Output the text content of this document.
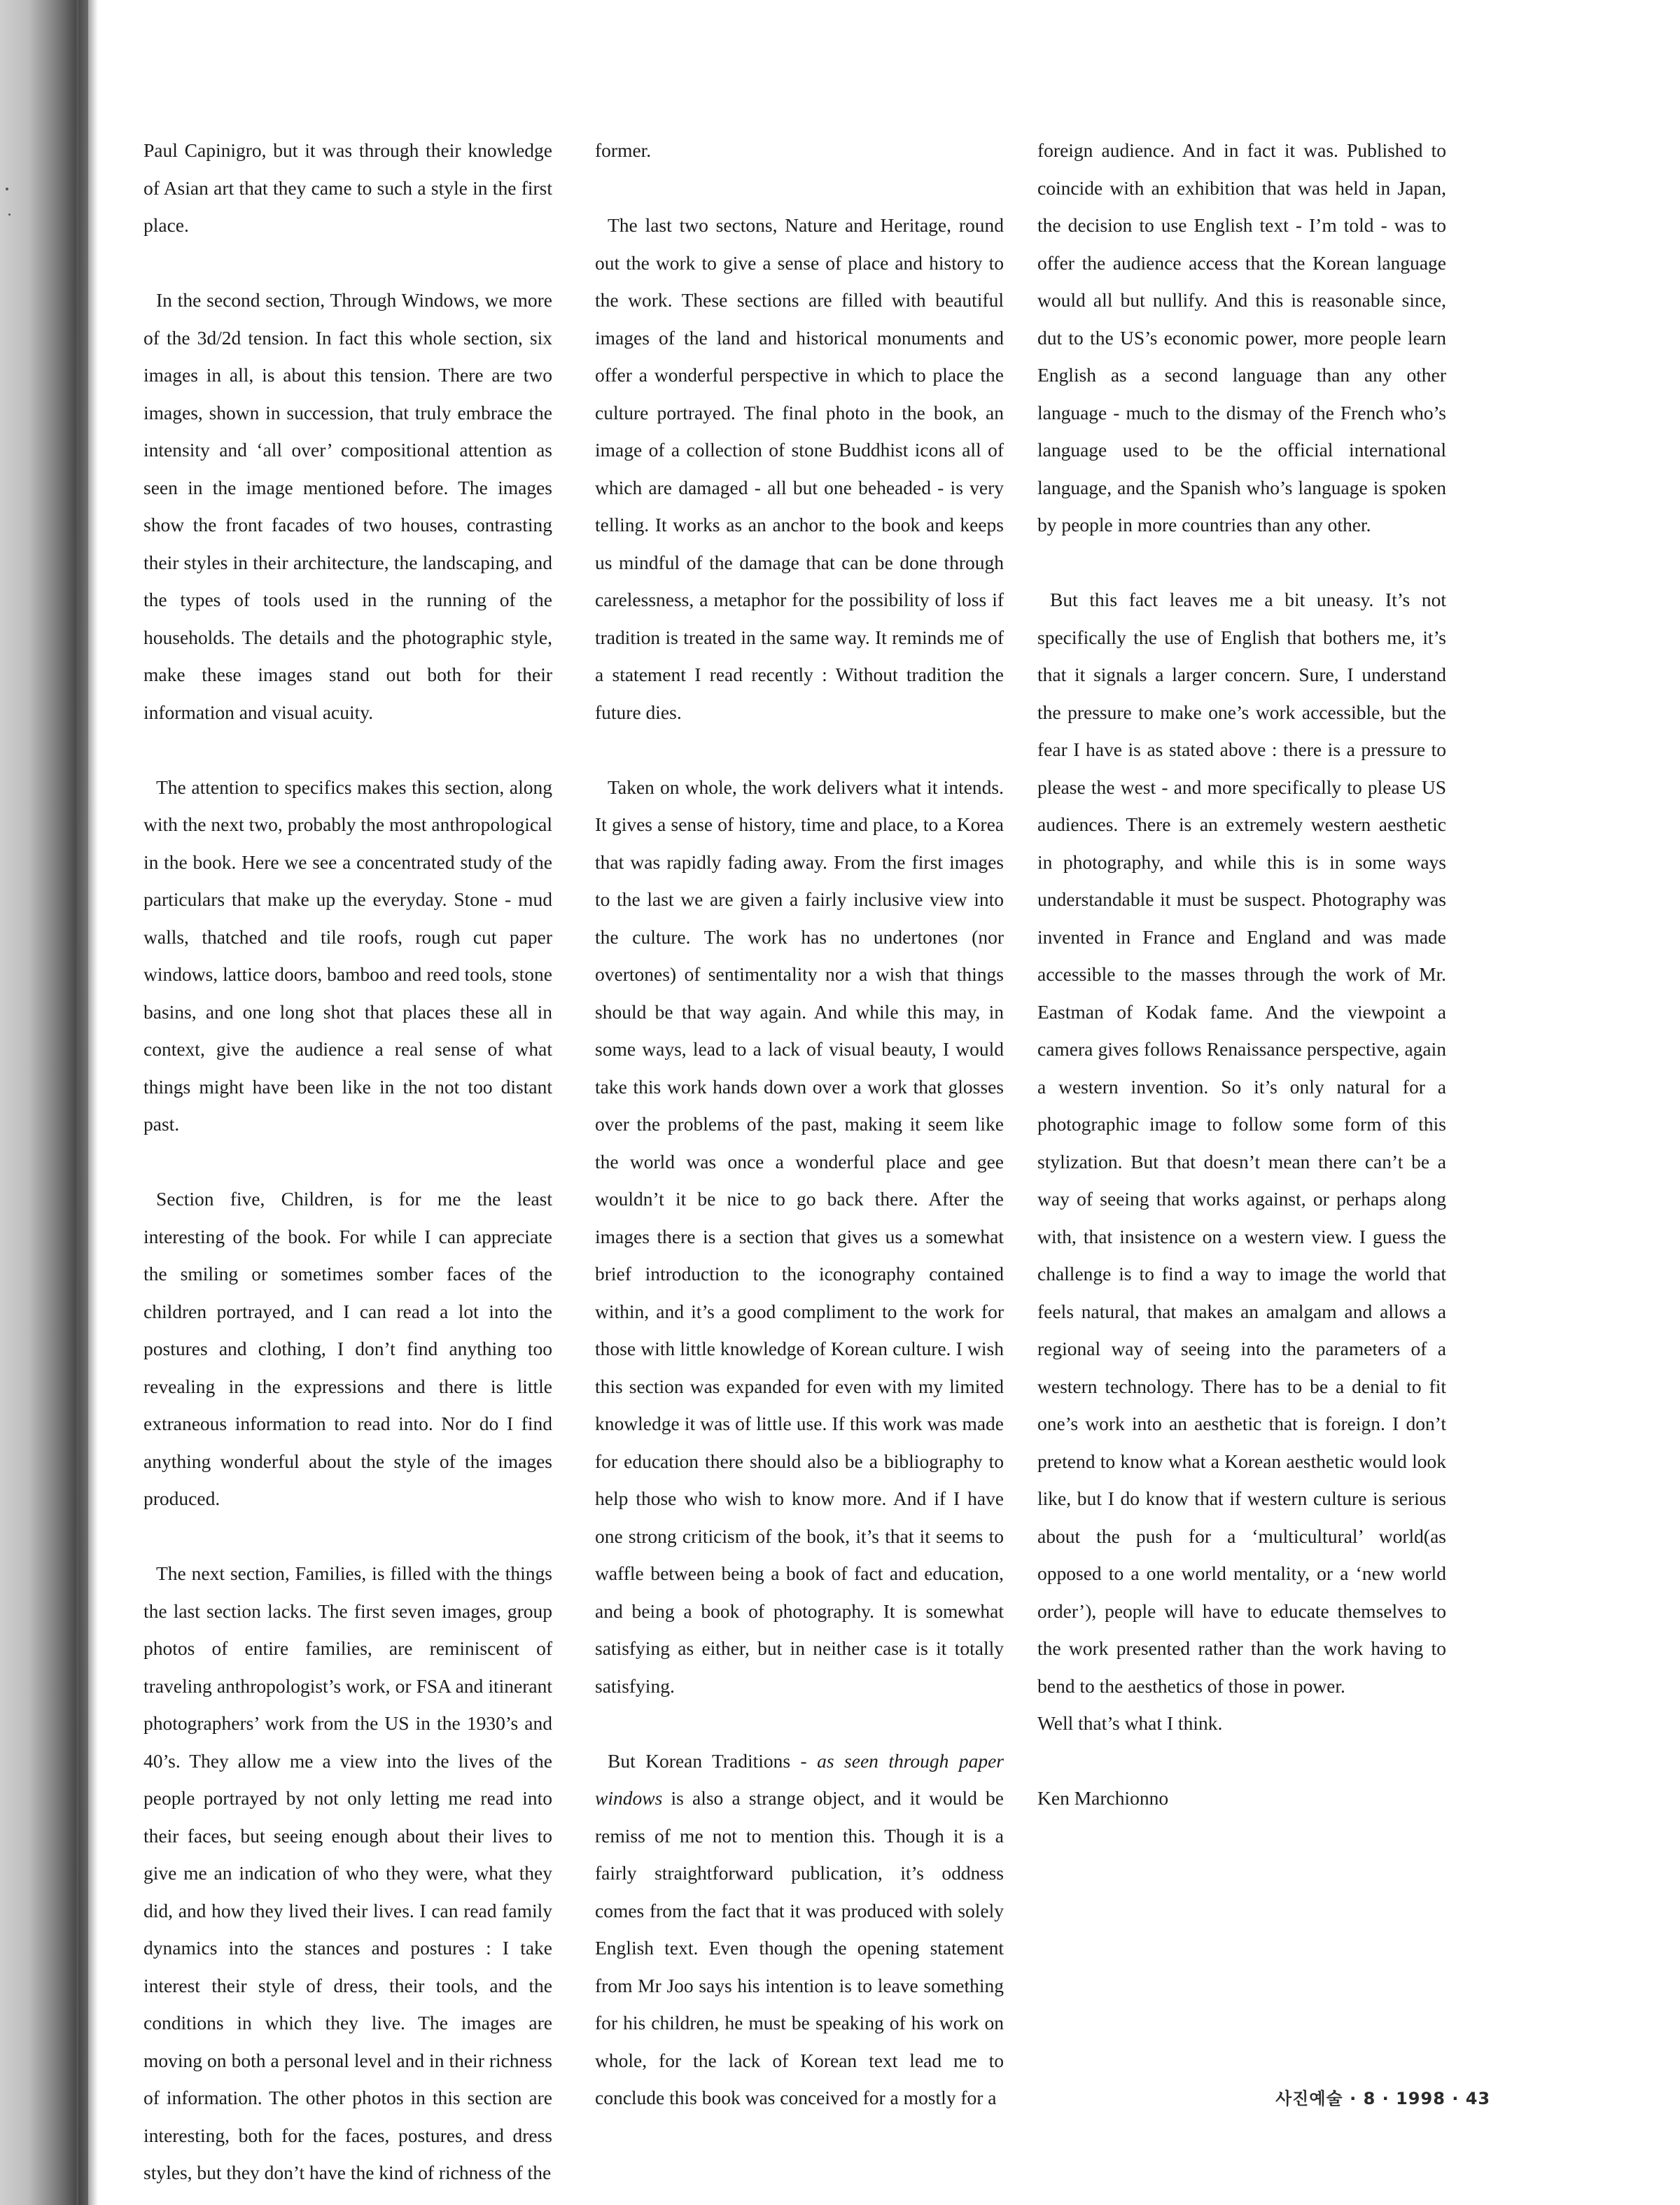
Paul Capinigro, but it was through their knowledge of Asian art that they came to such a style in the first place.

In the second section, Through Windows, we more of the 3d/2d tension. In fact this whole section, six images in all, is about this tension. There are two images, shown in succession, that truly embrace the intensity and ‘all over’ compositional attention as seen in the image mentioned before. The images show the front facades of two houses, contrasting their styles in their architecture, the landscaping, and the types of tools used in the running of the households. The details and the photographic style, make these images stand out both for their information and visual acuity.

The attention to specifics makes this section, along with the next two, probably the most anthropological in the book. Here we see a concentrated study of the particulars that make up the everyday. Stone - mud walls, thatched and tile roofs, rough cut paper windows, lattice doors, bamboo and reed tools, stone basins, and one long shot that places these all in context, give the audience a real sense of what things might have been like in the not too distant past.

Section five, Children, is for me the least interesting of the book. For while I can appreciate the smiling or sometimes somber faces of the children portrayed, and I can read a lot into the postures and clothing, I don’t find anything too revealing in the expressions and there is little extraneous information to read into. Nor do I find anything wonderful about the style of the images produced.

The next section, Families, is filled with the things the last section lacks. The first seven images, group photos of entire families, are reminiscent of traveling anthropologist’s work, or FSA and itinerant photographers’ work from the US in the 1930’s and 40’s. They allow me a view into the lives of the people portrayed by not only letting me read into their faces, but seeing enough about their lives to give me an indication of who they were, what they did, and how they lived their lives. I can read family dynamics into the stances and postures : I take interest their style of dress, their tools, and the conditions in which they live. The images are moving on both a personal level and in their richness of information. The other photos in this section are interesting, both for the faces, postures, and dress styles, but they don’t have the kind of richness of the

former.

The last two sectons, Nature and Heritage, round out the work to give a sense of place and history to the work. These sections are filled with beautiful images of the land and historical monuments and offer a wonderful perspective in which to place the culture portrayed. The final photo in the book, an image of a collection of stone Buddhist icons all of which are damaged - all but one beheaded - is very telling. It works as an anchor to the book and keeps us mindful of the damage that can be done through carelessness, a metaphor for the possibility of loss if tradition is treated in the same way. It reminds me of a statement I read recently : Without tradition the future dies.

Taken on whole, the work delivers what it intends. It gives a sense of history, time and place, to a Korea that was rapidly fading away. From the first images to the last we are given a fairly inclusive view into the culture. The work has no undertones (nor overtones) of sentimentality nor a wish that things should be that way again. And while this may, in some ways, lead to a lack of visual beauty, I would take this work hands down over a work that glosses over the problems of the past, making it seem like the world was once a wonderful place and gee wouldn’t it be nice to go back there. After the images there is a section that gives us a somewhat brief introduction to the iconography contained within, and it’s a good compliment to the work for those with little knowledge of Korean culture. I wish this section was expanded for even with my limited knowledge it was of little use. If this work was made for education there should also be a bibliography to help those who wish to know more. And if I have one strong criticism of the book, it’s that it seems to waffle between being a book of fact and education, and being a book of photography. It is somewhat satisfying as either, but in neither case is it totally satisfying.

But Korean Traditions - as seen through paper windows is also a strange object, and it would be remiss of me not to mention this. Though it is a fairly straightforward publication, it’s oddness comes from the fact that it was produced with solely English text. Even though the opening statement from Mr Joo says his intention is to leave something for his children, he must be speaking of his work on whole, for the lack of Korean text lead me to conclude this book was conceived for a mostly for a

foreign audience. And in fact it was. Published to coincide with an exhibition that was held in Japan, the decision to use English text - I’m told - was to offer the audience access that the Korean language would all but nullify. And this is reasonable since, dut to the US’s economic power, more people learn English as a second language than any other language - much to the dismay of the French who’s language used to be the official international language, and the Spanish who’s language is spoken by people in more countries than any other.

But this fact leaves me a bit uneasy. It’s not specifically the use of English that bothers me, it’s that it signals a larger concern. Sure, I understand the pressure to make one’s work accessible, but the fear I have is as stated above : there is a pressure to please the west - and more specifically to please US audiences. There is an extremely western aesthetic in photography, and while this is in some ways understandable it must be suspect. Photography was invented in France and England and was made accessible to the masses through the work of Mr. Eastman of Kodak fame. And the viewpoint a camera gives follows Renaissance perspective, again a western invention. So it’s only natural for a photographic image to follow some form of this stylization. But that doesn’t mean there can’t be a way of seeing that works against, or perhaps along with, that insistence on a western view. I guess the challenge is to find a way to image the world that feels natural, that makes an amalgam and allows a regional way of seeing into the parameters of a western technology. There has to be a denial to fit one’s work into an aesthetic that is foreign. I don’t pretend to know what a Korean aesthetic would look like, but I do know that if western culture is serious about the push for a ‘multicultural’ world(as opposed to a one world mentality, or a ‘new world order’), people will have to educate themselves to the work presented rather than the work having to bend to the aesthetics of those in power.

Well that’s what I think.

Ken Marchionno

사진예술 · 8 · 1998 · 43
